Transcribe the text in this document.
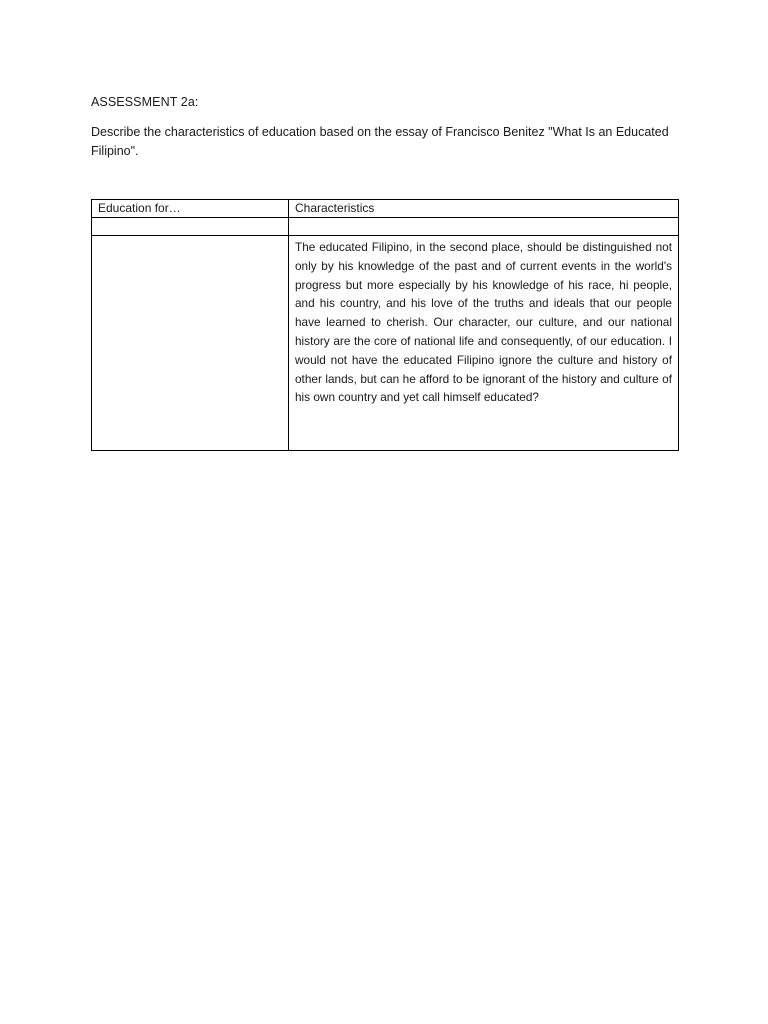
ASSESSMENT 2a:
Describe the characteristics of education based on the essay of Francisco Benitez "What Is an Educated Filipino".
Education for…	Characteristics

	The educated Filipino, in the second place, should be distinguished not only by his knowledge of the past and of current events in the world's progress but more especially by his knowledge of his race, hi people, and his country, and his love of the truths and ideals that our people have learned to cherish. Our character, our culture, and our national history are the core of national life and consequently, of our education. I would not have the educated Filipino ignore the culture and history of other lands, but can he afford to be ignorant of the history and culture of his own country and yet call himself educated?
